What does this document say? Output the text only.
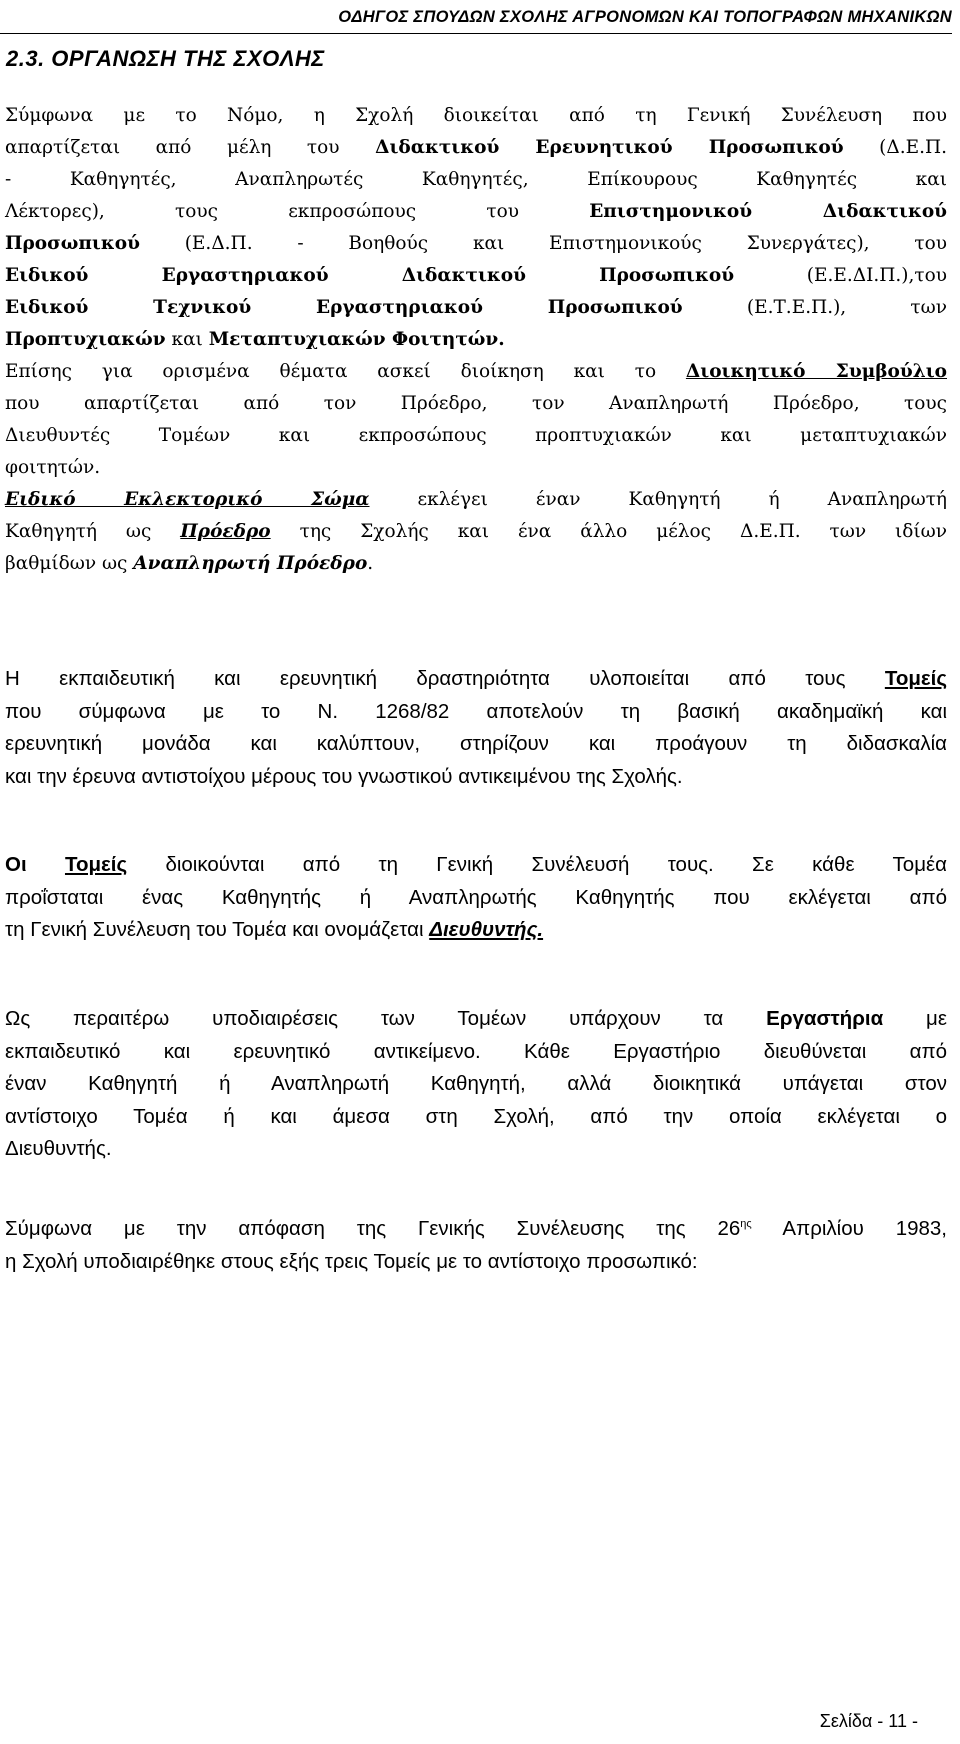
ΟΔΗΓΟΣ ΣΠΟΥΔΩΝ ΣΧΟΛΗΣ ΑΓΡΟΝΟΜΩΝ ΚΑΙ ΤΟΠΟΓΡΑΦΩΝ ΜΗΧΑΝΙΚΩΝ
2.3. ΟΡΓΑΝΩΣΗ ΤΗΣ ΣΧΟΛΗΣ
Σύμφωνα με το Νόμο, η Σχολή διοικείται από τη Γενική Συνέλευση που
απαρτίζεται από μέλη του Διδακτικού Ερευνητικού Προσωπικού (Δ.Ε.Π.
- Καθηγητές, Αναπληρωτές Καθηγητές, Επίκουρους Καθηγητές και
Λέκτορες), τους εκπροσώπους του Επιστημονικού Διδακτικού
Προσωπικού (Ε.Δ.Π. - Βοηθούς και Επιστημονικούς Συνεργάτες), του
Ειδικού Εργαστηριακού Διδακτικού Προσωπικού (Ε.Ε.ΔΙ.Π.),του
Ειδικού Τεχνικού Εργαστηριακού Προσωπικού (Ε.Τ.Ε.Π.), των
Προπτυχιακών και Μεταπτυχιακών Φοιτητών.
Επίσης για ορισμένα θέματα ασκεί διοίκηση και το Διοικητικό Συμβούλιο
που απαρτίζεται από τον Πρόεδρο, τον Αναπληρωτή Πρόεδρο, τους
Διευθυντές Τομέων και εκπροσώπους προπτυχιακών και μεταπτυχιακών
φοιτητών.
Ειδικό Εκλεκτορικό Σώμα εκλέγει έναν Καθηγητή ή Αναπληρωτή
Καθηγητή ως Πρόεδρο της Σχολής και ένα άλλο μέλος Δ.Ε.Π. των ιδίων
βαθμίδων ως Αναπληρωτή Πρόεδρο.
Η εκπαιδευτική και ερευνητική δραστηριότητα υλοποιείται από τους Τομείς
που σύμφωνα με το Ν. 1268/82 αποτελούν τη βασική ακαδημαϊκή και
ερευνητική μονάδα και καλύπτουν, στηρίζουν και προάγουν τη διδασκαλία
και την έρευνα αντιστοίχου μέρους του γνωστικού αντικειμένου της Σχολής.
Οι Τομείς διοικούνται από τη Γενική Συνέλευσή τους. Σε κάθε Τομέα
προΐσταται ένας Καθηγητής ή Αναπληρωτής Καθηγητής που εκλέγεται από
τη Γενική Συνέλευση του Τομέα και ονομάζεται Διευθυντής.
Ως περαιτέρω υποδιαιρέσεις των Τομέων υπάρχουν τα Εργαστήρια με
εκπαιδευτικό και ερευνητικό αντικείμενο. Κάθε Εργαστήριο διευθύνεται από
έναν Καθηγητή ή Αναπληρωτή Καθηγητή, αλλά διοικητικά υπάγεται στον
αντίστοιχο Τομέα ή και άμεσα στη Σχολή, από την οποία εκλέγεται ο
Διευθυντής.
Σύμφωνα με την απόφαση της Γενικής Συνέλευσης της $26^{\eta\varsigma}$ Απριλίου 1983,
η Σχολή υποδιαιρέθηκε στους εξής τρεις Τομείς με το αντίστοιχο προσωπικό:
Σελίδα - 11 -
